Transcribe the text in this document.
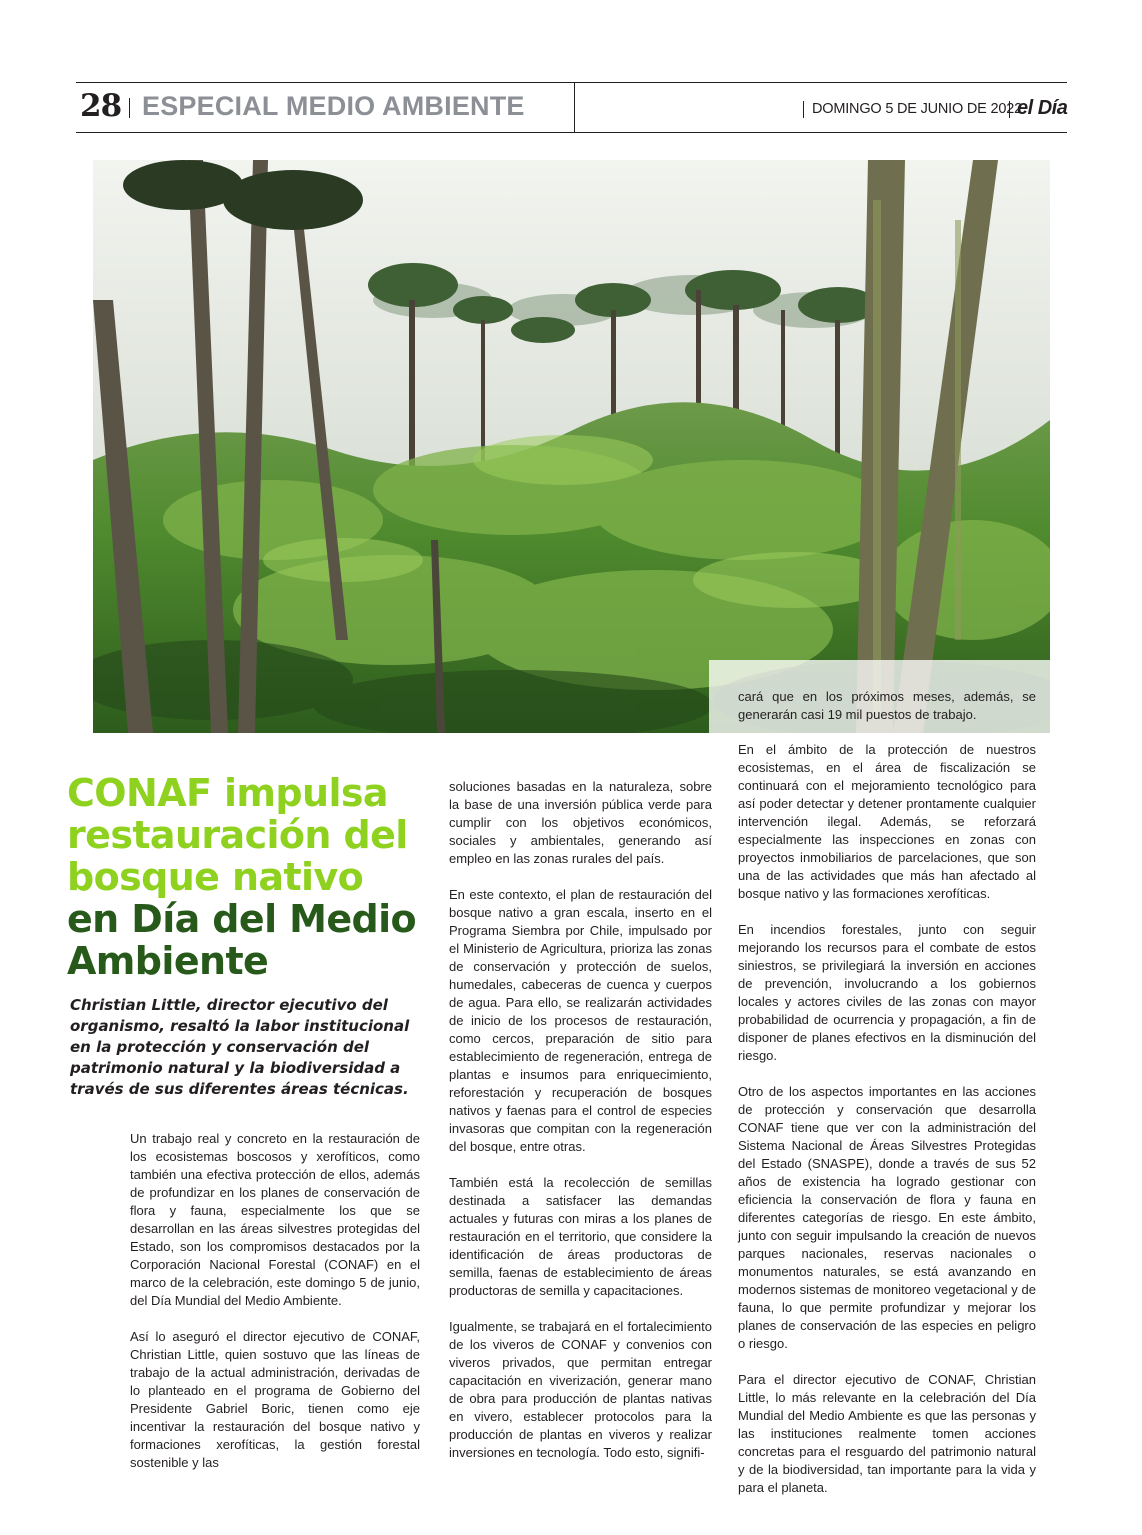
28 ESPECIAL MEDIO AMBIENTE	DOMINGO 5 DE JUNIO DE 2022
el Día
CONAF impulsa restauración del bosque nativo
en Día del Medio Ambiente
Christian Little, director ejecutivo del organismo, resaltó la labor institucional en la protección y conservación del patrimonio natural y la biodiversidad a través de sus diferentes áreas técnicas.

Un trabajo real y concreto en la restauración de los ecosistemas boscosos y xerofíticos, como también una efectiva protección de ellos, además de profundizar en los planes de conservación de flora y fauna, especialmente los que se desarrollan en las áreas silvestres protegidas del Estado, son los compromisos destacados por la Corporación Nacional Forestal (CONAF) en el marco de la celebración, este domingo 5 de junio, del Día Mundial del Medio Ambiente.

Así lo aseguró el director ejecutivo de CONAF, Christian Little, quien sostuvo que las líneas de trabajo de la actual administración, derivadas de lo planteado en el programa de Gobierno del Presidente Gabriel Boric, tienen como eje incentivar la restauración del bosque nativo y formaciones xerofíticas, la gestión forestal sostenible y las

soluciones basadas en la naturaleza, sobre la base de una inversión pública verde para cumplir con los objetivos económicos, sociales y ambientales, generando así empleo en las zonas rurales del país.

En este contexto, el plan de restauración del bosque nativo a gran escala, inserto en el Programa Siembra por Chile, impulsado por el Ministerio de Agricultura, prioriza las zonas de conservación y protección de suelos, humedales, cabeceras de cuenca y cuerpos de agua. Para ello, se realizarán actividades de inicio de los procesos de restauración, como cercos, preparación de sitio para establecimiento de regeneración, entrega de plantas e insumos para enriquecimiento, reforestación y recuperación de bosques nativos y faenas para el control de especies invasoras que compitan con la regeneración del bosque, entre otras.

También está la recolección de semillas destinada a satisfacer las demandas actuales y futuras con miras a los planes de restauración en el territorio, que considere la identificación de áreas productoras de semilla, faenas de establecimiento de áreas productoras de semilla y capacitaciones.

Igualmente, se trabajará en el fortalecimiento de los viveros de CONAF y convenios con viveros privados, que permitan entregar capacitación en viverización, generar mano de obra para producción de plantas nativas en vivero, establecer protocolos para la producción de plantas en viveros y realizar inversiones en tecnología. Todo esto, signifi-

cará que en los próximos meses, además, se generarán casi 19 mil puestos de trabajo.

En el ámbito de la protección de nuestros ecosistemas, en el área de fiscalización se continuará con el mejoramiento tecnológico para así poder detectar y detener prontamente cualquier intervención ilegal. Además, se reforzará especialmente las inspecciones en zonas con proyectos inmobiliarios de parcelaciones, que son una de las actividades que más han afectado al bosque nativo y las formaciones xerofíticas.

En incendios forestales, junto con seguir mejorando los recursos para el combate de estos siniestros, se privilegiará la inversión en acciones de prevención, involucrando a los gobiernos locales y actores civiles de las zonas con mayor probabilidad de ocurrencia y propagación, a fin de disponer de planes efectivos en la disminución del riesgo.

Otro de los aspectos importantes en las acciones de protección y conservación que desarrolla CONAF tiene que ver con la administración del Sistema Nacional de Áreas Silvestres Protegidas del Estado (SNASPE), donde a través de sus 52 años de existencia ha logrado gestionar con eficiencia la conservación de flora y fauna en diferentes categorías de riesgo. En este ámbito, junto con seguir impulsando la creación de nuevos parques nacionales, reservas nacionales o monumentos naturales, se está avanzando en modernos sistemas de monitoreo vegetacional y de fauna, lo que permite profundizar y mejorar los planes de conservación de las especies en peligro o riesgo.

Para el director ejecutivo de CONAF, Christian Little, lo más relevante en la celebración del Día Mundial del Medio Ambiente es que las personas y las instituciones realmente tomen acciones concretas para el resguardo del patrimonio natural y de la biodiversidad, tan importante para la vida y para el planeta.
